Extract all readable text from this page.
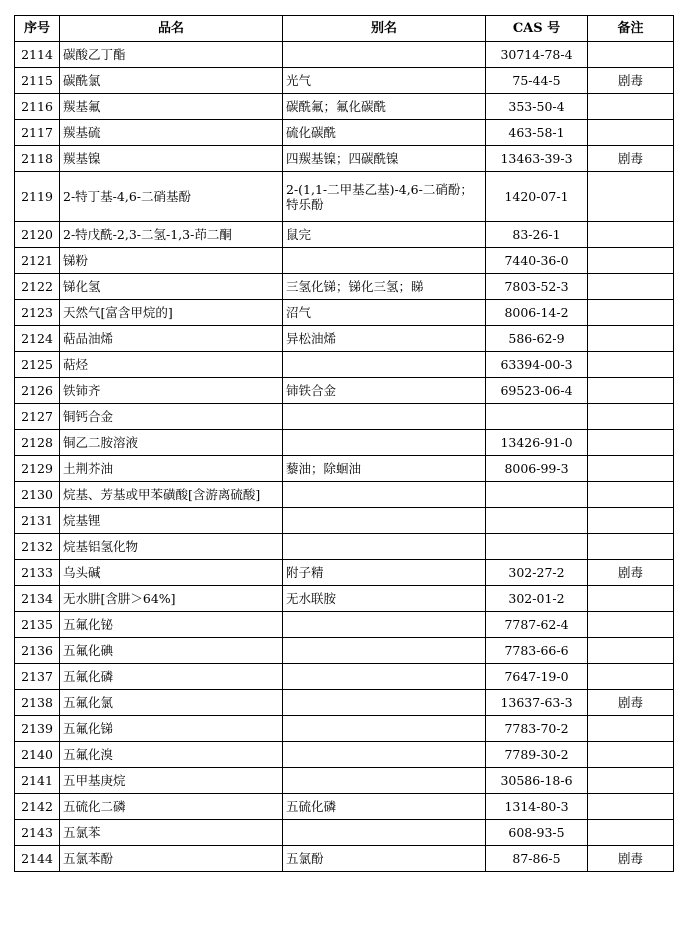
序号	品名	别名	CAS 号	备注
2114	碳酸乙丁酯		30714-78-4	
2115	碳酰氯	光气	75-44-5	剧毒
2116	羰基氟	碳酰氟；氟化碳酰	353-50-4	
2117	羰基硫	硫化碳酰	463-58-1	
2118	羰基镍	四羰基镍；四碳酰镍	13463-39-3	剧毒
2119	2-特丁基-4,6-二硝基酚	2-(1,1-二甲基乙基)-4,6-二硝酚；特乐酚	1420-07-1	
2120	2-特戊酰-2,3-二氢-1,3-茚二酮	鼠完	83-26-1	
2121	锑粉		7440-36-0	
2122	锑化氢	三氢化锑；锑化三氢；睇	7803-52-3	
2123	天然气[富含甲烷的]	沼气	8006-14-2	
2124	萜品油烯	异松油烯	586-62-9	
2125	萜烃		63394-00-3	
2126	铁铈齐	铈铁合金	69523-06-4	
2127	铜钙合金			
2128	铜乙二胺溶液		13426-91-0	
2129	土荆芥油	藜油；除蛔油	8006-99-3	
2130	烷基、芳基或甲苯磺酸[含游离硫酸]			
2131	烷基锂			
2132	烷基铝氢化物			
2133	乌头碱	附子精	302-27-2	剧毒
2134	无水肼[含肼＞64%]	无水联胺	302-01-2	
2135	五氟化铋		7787-62-4	
2136	五氟化碘		7783-66-6	
2137	五氟化磷		7647-19-0	
2138	五氟化氯		13637-63-3	剧毒
2139	五氟化锑		7783-70-2	
2140	五氟化溴		7789-30-2	
2141	五甲基庚烷		30586-18-6	
2142	五硫化二磷	五硫化磷	1314-80-3	
2143	五氯苯		608-93-5	
2144	五氯苯酚	五氯酚	87-86-5	剧毒
